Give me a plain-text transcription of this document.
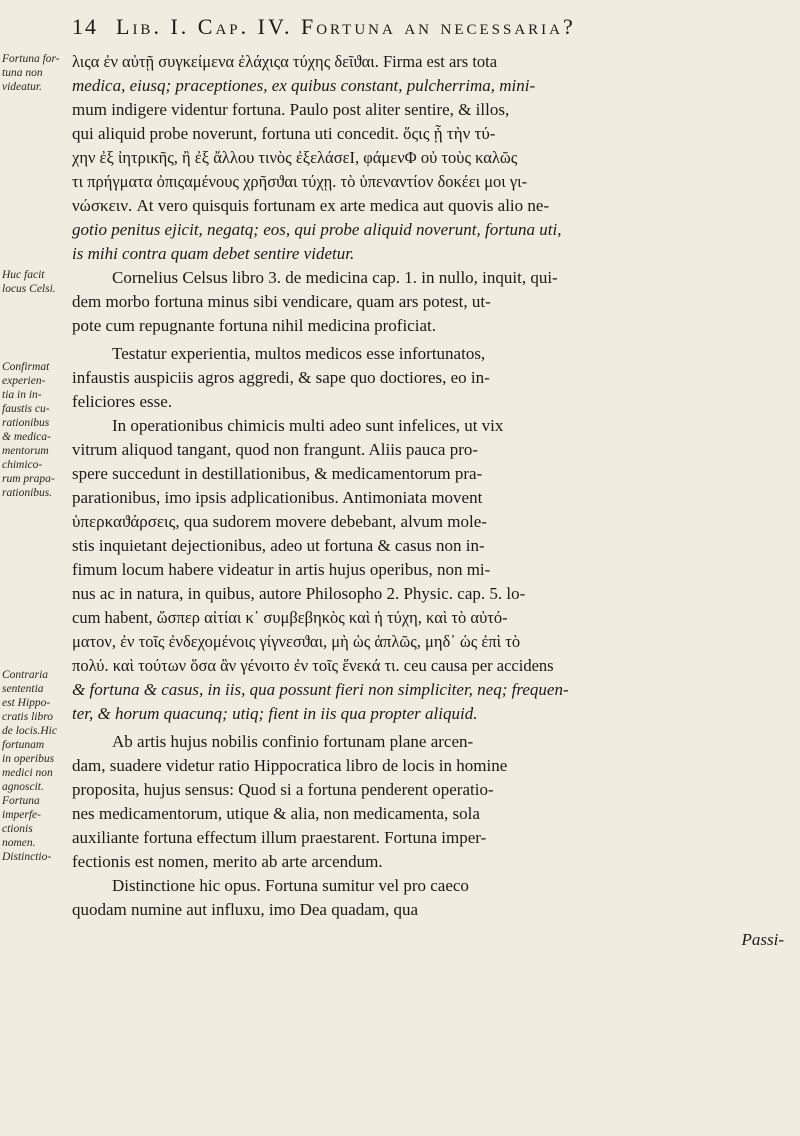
14 Lib. I. Cap. IV. Fortuna an necessaria?
Fortuna for-
tuna non
videatur.
Huc facit
locus Celsi.
Confirmat
experien-
tia in in-
faustis cu-
rationibus
& medica-
mentorum
chimico-
rum prapa-
rationibus.
Contraria
sententia
est Hippo-
cratis libro
de locis.Hic
fortunam
in operibus
medici non
agnoscit.
Fortuna
imperfe-
ctionis
nomen.
Distinctio-
λιςα ἐν αὐτῇ συγκείμενα ἐλάχιςα τύχης δεῖϑαι. Firma est ars tota
medica, eiusq; praceptiones, ex quibus constant, pulcherrima, mini-
mum indigere videntur fortuna. Paulo post aliter sentire, & illos,
qui aliquid probe noverunt, fortuna uti concedit. ὅςις ᾗ τὴν τύ-
χην ἐξ ἰητρικῆς, ἢ ἐξ ἄλλου τινὸς ἐξελάσεΙ, φάμενΦ οὐ τοὺς καλῶς
τι πρήγματα ὀπιςαμένους χρῆσϑαι τύχῃ. τὸ ὑπεναντίον δοκέει μοι γι-
νώσκειν. At vero quisquis fortunam ex arte medica aut quovis alio ne-
gotio penitus ejicit, negatq; eos, qui probe aliquid noverunt, fortuna uti,
is mihi contra quam debet sentire videtur.
Cornelius Celsus libro 3. de medicina cap. 1. in nullo, inquit, qui-
dem morbo fortuna minus sibi vendicare, quam ars potest, ut-
pote cum repugnante fortuna nihil medicina proficiat.
Testatur experientia, multos medicos esse infortunatos,
infaustis auspiciis agros aggredi, & sape quo doctiores, eo in-
feliciores esse.
In operationibus chimicis multi adeo sunt infelices, ut vix
vitrum aliquod tangant, quod non frangunt. Aliis pauca pro-
spere succedunt in destillationibus, & medicamentorum pra-
parationibus, imo ipsis adplicationibus. Antimoniata movent
ὑπερκαϑάρσεις, qua sudorem movere debebant, alvum mole-
stis inquietant dejectionibus, adeo ut fortuna & casus non in-
fimum locum habere videatur in artis hujus operibus, non mi-
nus ac in natura, in quibus, autore Philosopho 2. Physic. cap. 5. lo-
cum habent, ὥσπερ αἰτίαι κ᾽ συμβεβηκὸς καὶ ἡ τύχη, καὶ τὸ αὐτό-
ματον, ἐν τοῖς ἐνδεχομένοις γίγνεσϑαι, μὴ ὡς ἁπλῶς, μηδ᾽ ὡς ἐπὶ τὸ
πολύ. καὶ τούτων ὅσα ἂν γένοιτο ἐν τοῖς ἕνεκά τι. ceu causa per accidens
& fortuna & casus, in iis, qua possunt fieri non simpliciter, neq; frequen-
ter, & horum quacunq; utiq; fient in iis qua propter aliquid.
Ab artis hujus nobilis confinio fortunam plane arcen-
dam, suadere videtur ratio Hippocratica libro de locis in homine
proposita, hujus sensus: Quod si a fortuna penderent operatio-
nes medicamentorum, utique & alia, non medicamenta, sola
auxiliante fortuna effectum illum praestarent. Fortuna imper-
fectionis est nomen, merito ab arte arcendum.
Distinctione hic opus. Fortuna sumitur vel pro caeco
quodam numine aut influxu, imo Dea quadam, qua
Passi-
